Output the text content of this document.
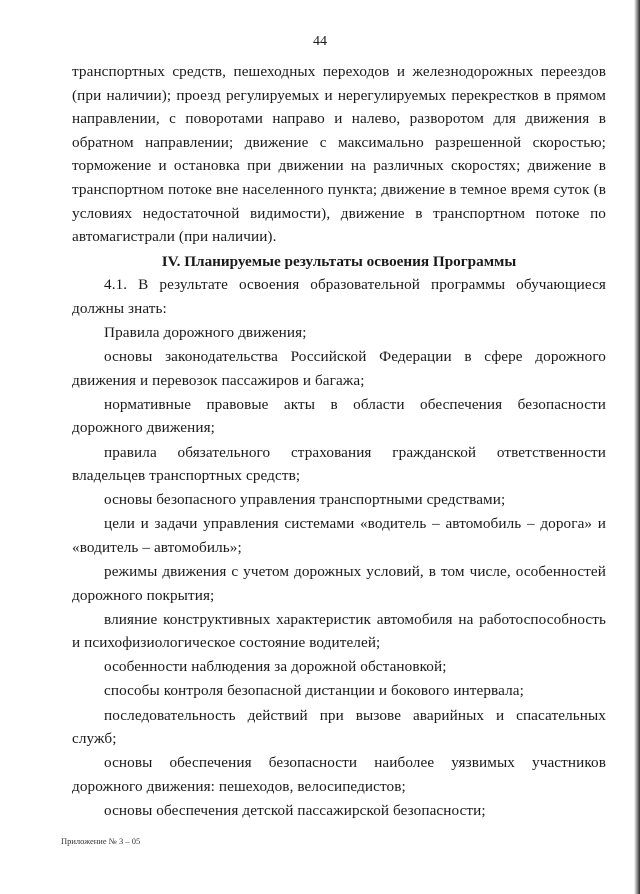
44

транспортных средств, пешеходных переходов и железнодорожных переездов (при наличии); проезд регулируемых и нерегулируемых перекрестков в прямом направлении, с поворотами направо и налево, разворотом для движения в обратном направлении; движение с максимально разрешенной скоростью; торможение и остановка при движении на различных скоростях; движение в транспортном потоке вне населенного пункта; движение в темное время суток (в условиях недостаточной видимости), движение в транспортном потоке по автомагистрали (при наличии).

IV. Планируемые результаты освоения Программы

4.1. В результате освоения образовательной программы обучающиеся должны знать:

Правила дорожного движения;

основы законодательства Российской Федерации в сфере дорожного движения и перевозок пассажиров и багажа;

нормативные правовые акты в области обеспечения безопасности дорожного движения;

правила обязательного страхования гражданской ответственности владельцев транспортных средств;

основы безопасного управления транспортными средствами;

цели и задачи управления системами «водитель – автомобиль – дорога» и «водитель – автомобиль»;

режимы движения с учетом дорожных условий, в том числе, особенностей дорожного покрытия;

влияние конструктивных характеристик автомобиля на работоспособность и психофизиологическое состояние водителей;

особенности наблюдения за дорожной обстановкой;

способы контроля безопасной дистанции и бокового интервала;

последовательность действий при вызове аварийных и спасательных служб;

основы обеспечения безопасности наиболее уязвимых участников дорожного движения: пешеходов, велосипедистов;

основы обеспечения детской пассажирской безопасности;

Приложение № 3 – 05
